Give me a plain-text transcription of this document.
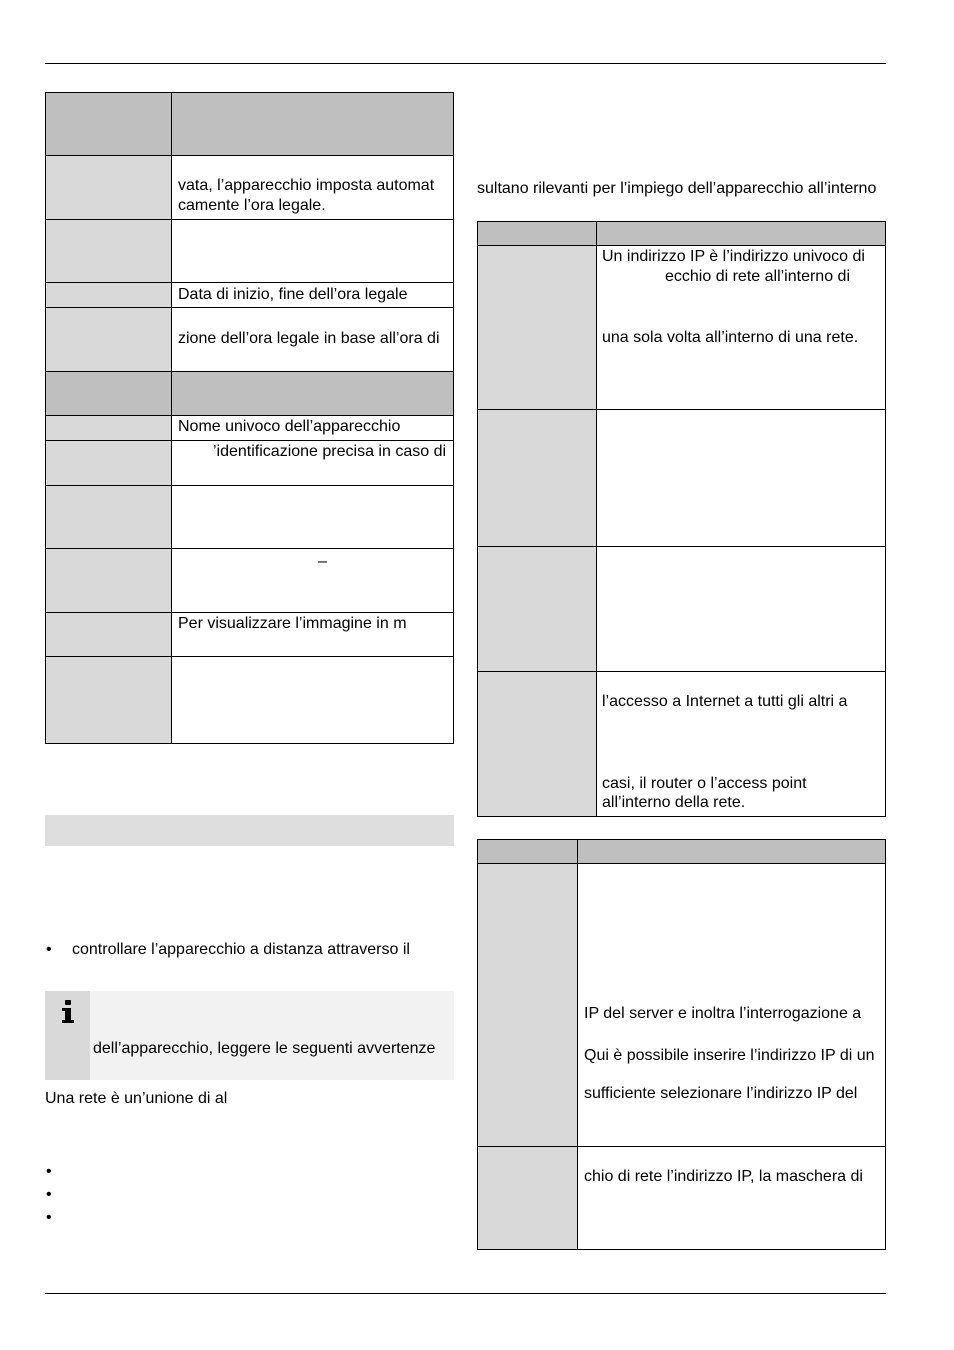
vata, l’apparecchio imposta automat
camente l’ora legale.
Data di inizio, fine dell’ora legale
zione dell’ora legale in base all’ora di
Nome univoco dell’apparecchio
’identificazione precisa in caso di
–
Per visualizzare l’immagine in m
•
controllare l’apparecchio a distanza attraverso il
dell’apparecchio, leggere le seguenti avvertenze
Una rete è un’unione di al
•
•
•
sultano rilevanti per l’impiego dell’apparecchio all’interno
Un indirizzo IP è l’indirizzo univoco di
ecchio di rete all’interno di
una sola volta all’interno di una rete.
l’accesso a Internet a tutti gli altri a
casi, il router o l’access point
all’interno della rete.
IP del server e inoltra l’interrogazione a
Qui è possibile inserire l’indirizzo IP di un
sufficiente selezionare l’indirizzo IP del
chio di rete l’indirizzo IP, la maschera di
